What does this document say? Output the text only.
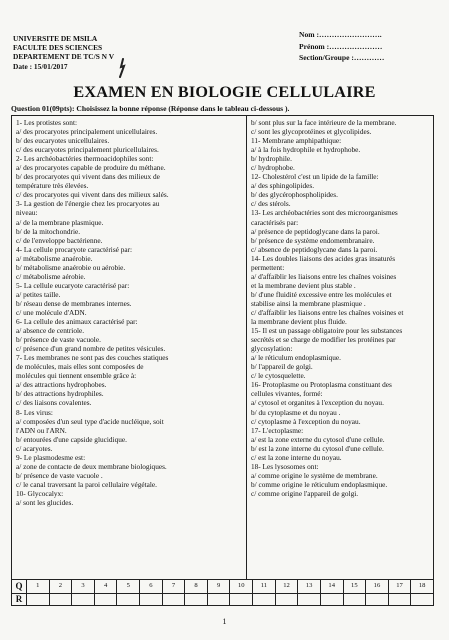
UNIVERSITE DE MSILA
FACULTE DES SCIENCES
DEPARTEMENT DE TC/S N V
Date : 15/01/2017
Nom :…………………….
Prénom :…………………
Section/Groupe :…………
EXAMEN EN BIOLOGIE CELLULAIRE
Question 01(09pts): Choisissez la bonne réponse (Réponse dans le tableau ci-dessous ).
1- Les protistes sont:
a/ des procaryotes principalement unicellulaires.
b/ des eucaryotes unicellulaires.
c/ des eucaryotes principalement pluricellulaires.
2- Les archéobactéries thermoacidophiles sont:
a/ des procaryotes capable de produire du méthane.
b/ des procaryotes qui vivent dans des milieux de
température très élevées.
c/ des procaryotes qui vivent dans des milieux salés.
3- La gestion de l'énergie chez les procaryotes au
niveau:
a/ de la membrane plasmique.
b/ de la mitochondrie.
c/ de l'enveloppe bactérienne.
4- La cellule procaryote caractérisé par:
a/ métabolisme anaérobie.
b/ métabolisme anaérobie ou aérobie.
c/ métabolisme aérobie.
5- La cellule eucaryote caractérisé par:
a/ petites taille.
b/ réseau dense de membranes internes.
c/ une molécule d'ADN.
6- La cellule des animaux caractérisé par:
a/ absence de centriole.
b/ présence de vaste vacuole.
c/ présence d'un grand nombre de petites vésicules.
7- Les membranes ne sont pas des couches statiques
de molécules, mais elles sont composées de
molécules qui tiennent ensemble grâce à:
a/ des attractions hydrophobes.
b/ des attractions hydrophiles.
c/ des liaisons covalentes.
8- Les virus:
a/ composées d'un seul type d'acide nucléique, soit
l'ADN ou l'ARN.
b/ entourées d'une capside glucidique.
c/ acaryotes.
9- Le plasmodesme est:
a/ zone de contacte de deux membrane biologiques.
b/ présence de vaste vacuole .
c/ le canal traversant la paroi cellulaire végétale.
10- Glycocalyx:
a/ sont les glucides.
b/ sont plus sur la face intérieure de la membrane.
c/ sont les glycoprotéines et glycolipides.
11- Membrane amphipathique:
a/ à la fois hydrophile et hydrophobe.
b/ hydrophile.
c/ hydrophobe.
12- Cholestérol c'est un lipide de la famille:
a/ des sphingolipides.
b/ des glycérophospholipides.
c/ des stérols.
13- Les archéobactéries sont des microorganismes
caractérisés par:
a/ présence de peptidoglycane dans la paroi.
b/ présence de système endomembranaire.
c/ absence de peptidoglycane dans la paroi.
14- Les doubles liaisons des acides gras insaturés
permettent:
a/ d'affaiblir les liaisons entre les chaînes voisines
et la membrane devient plus stable .
b/ d'une fluidité excessive entre les molécules et
stabilise ainsi la membrane plasmique .
c/ d'affaiblir les liaisons entre les chaînes voisines et
la membrane devient plus fluide.
15- Il est un passage obligatoire pour les substances
secrétés et se charge de modifier les protéines par
glycosylation:
a/ le réticulum endoplasmique.
b/ l'appareil de golgi.
c/ le cytosquelette.
16- Protoplasme ou Protoplasma constituant des
cellules vivantes, formé:
a/ cytosol et organites à l'exception du noyau.
b/ du cytoplasme et du noyau .
c/ cytoplasme à l'exception du noyau.
17- L'ectoplasme:
a/ est la zone externe du cytosol d'une cellule.
b/ est la zone interne du cytosol d'une cellule.
c/ est la zone interne du noyau.
18- Les lysosomes ont:
a/ comme origine le système de membrane.
b/ comme origine le réticulum endoplasmique.
c/ comme origine l'appareil de golgi.
Q	1	2	3	4	5	6	7	8	9	10	11	12	13	14	15	16	17	18
R
1
